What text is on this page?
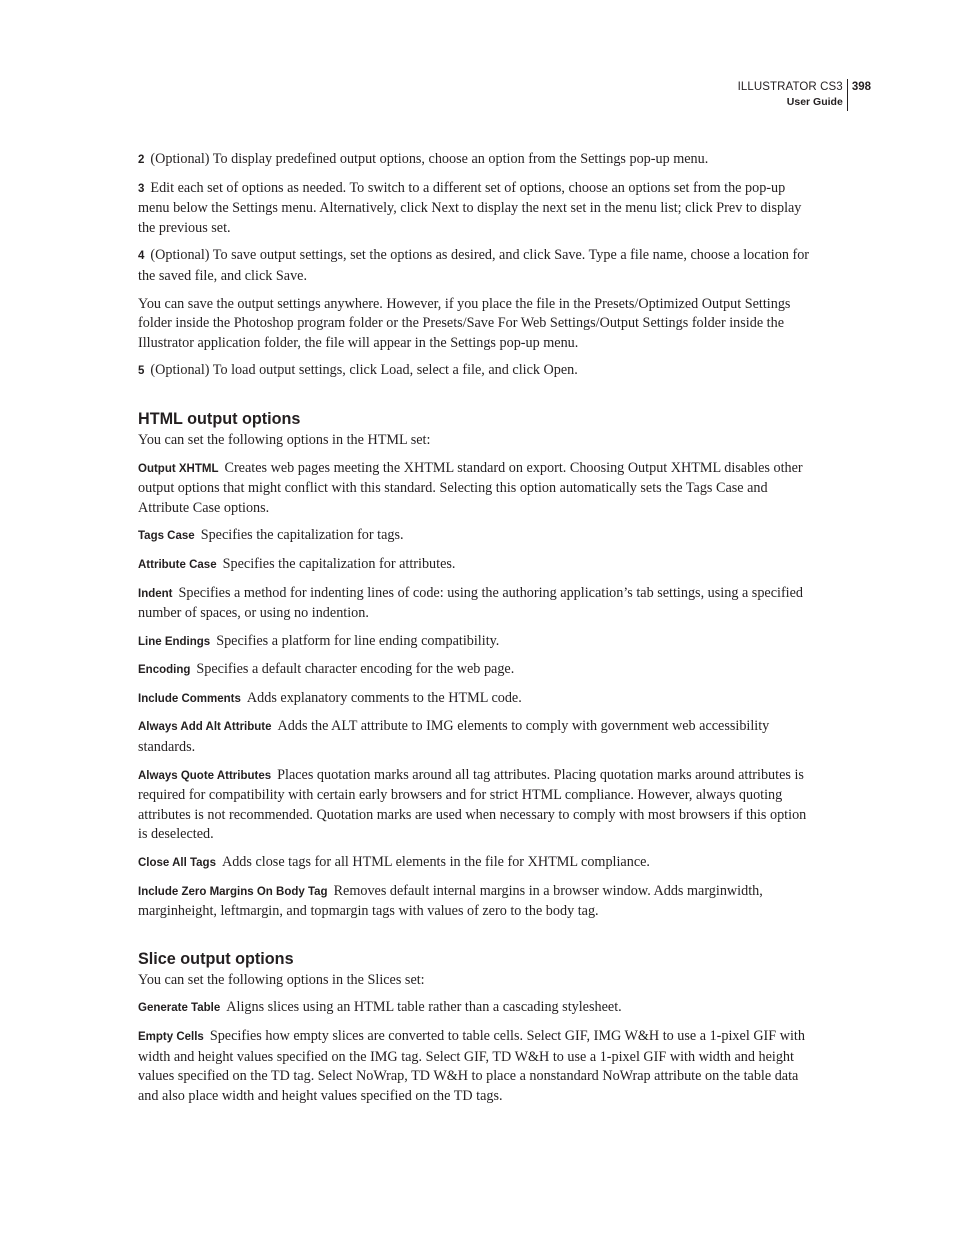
ILLUSTRATOR CS3
User Guide
398

2 (Optional) To display predefined output options, choose an option from the Settings pop-up menu.

3 Edit each set of options as needed. To switch to a different set of options, choose an options set from the pop-up menu below the Settings menu. Alternatively, click Next to display the next set in the menu list; click Prev to display the previous set.

4 (Optional) To save output settings, set the options as desired, and click Save. Type a file name, choose a location for the saved file, and click Save.

You can save the output settings anywhere. However, if you place the file in the Presets/Optimized Output Settings folder inside the Photoshop program folder or the Presets/Save For Web Settings/Output Settings folder inside the Illustrator application folder, the file will appear in the Settings pop-up menu.

5 (Optional) To load output settings, click Load, select a file, and click Open.

HTML output options

You can set the following options in the HTML set:

Output XHTML Creates web pages meeting the XHTML standard on export. Choosing Output XHTML disables other output options that might conflict with this standard. Selecting this option automatically sets the Tags Case and Attribute Case options.

Tags Case Specifies the capitalization for tags.

Attribute Case Specifies the capitalization for attributes.

Indent Specifies a method for indenting lines of code: using the authoring application’s tab settings, using a specified number of spaces, or using no indention.

Line Endings Specifies a platform for line ending compatibility.

Encoding Specifies a default character encoding for the web page.

Include Comments Adds explanatory comments to the HTML code.

Always Add Alt Attribute Adds the ALT attribute to IMG elements to comply with government web accessibility standards.

Always Quote Attributes Places quotation marks around all tag attributes. Placing quotation marks around attributes is required for compatibility with certain early browsers and for strict HTML compliance. However, always quoting attributes is not recommended. Quotation marks are used when necessary to comply with most browsers if this option is deselected.

Close All Tags Adds close tags for all HTML elements in the file for XHTML compliance.

Include Zero Margins On Body Tag Removes default internal margins in a browser window. Adds marginwidth, marginheight, leftmargin, and topmargin tags with values of zero to the body tag.

Slice output options

You can set the following options in the Slices set:

Generate Table Aligns slices using an HTML table rather than a cascading stylesheet.

Empty Cells Specifies how empty slices are converted to table cells. Select GIF, IMG W&H to use a 1-pixel GIF with width and height values specified on the IMG tag. Select GIF, TD W&H to use a 1-pixel GIF with width and height values specified on the TD tag. Select NoWrap, TD W&H to place a nonstandard NoWrap attribute on the table data and also place width and height values specified on the TD tags.
